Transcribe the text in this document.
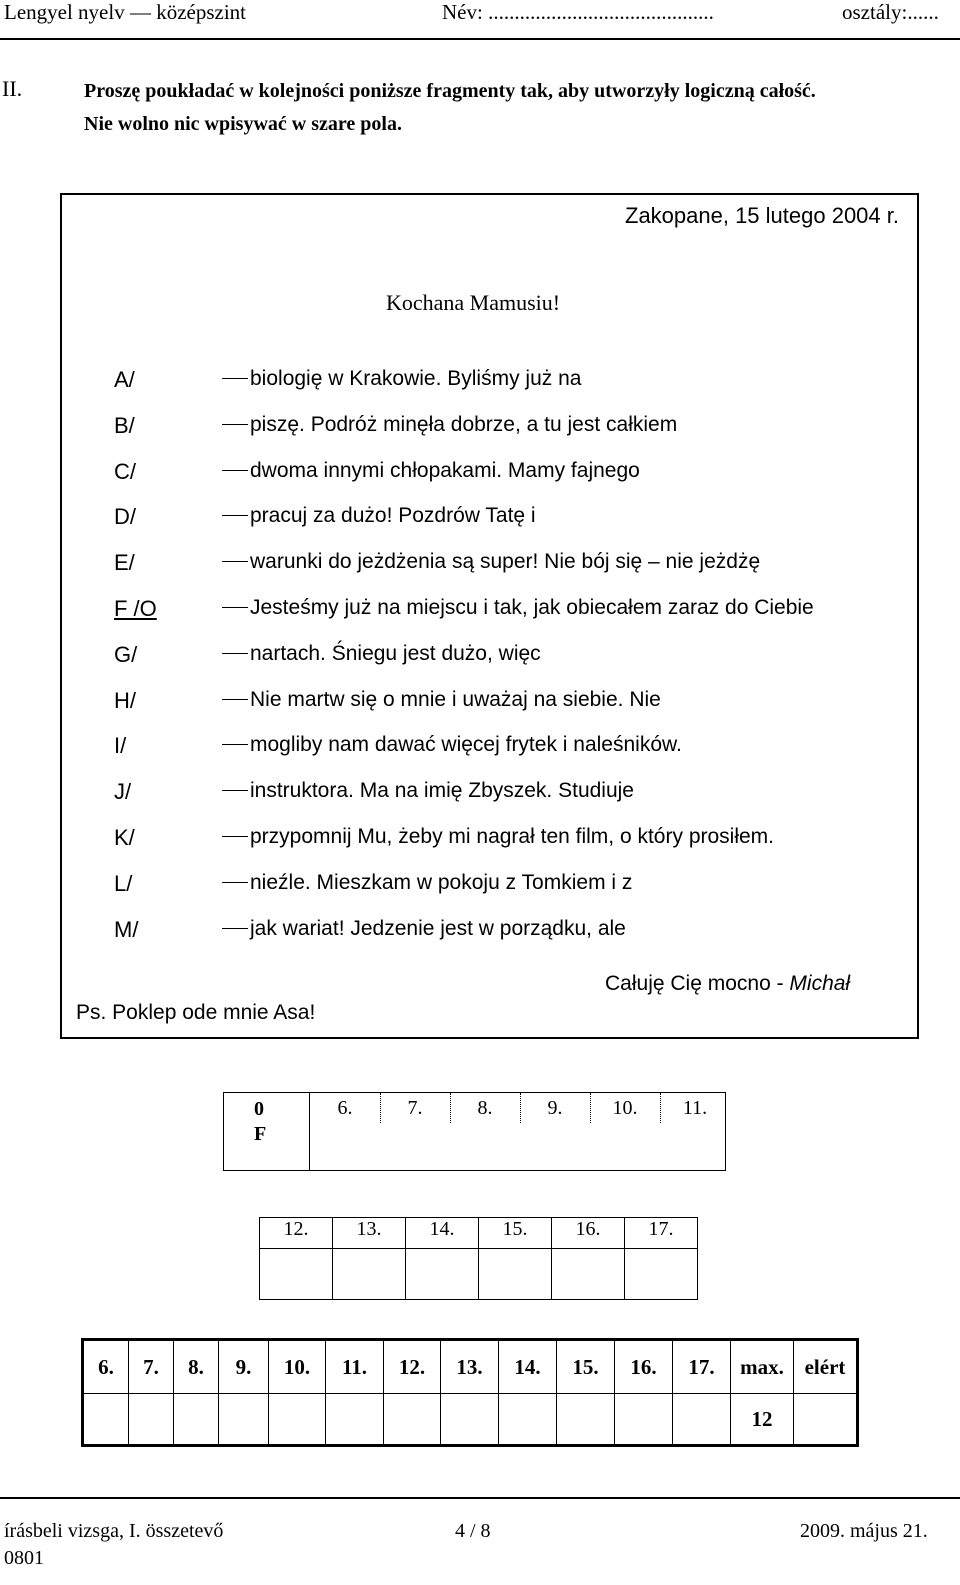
Lengyel nyelv — középszint	Név: ...........................................	osztály:......
II.	Proszę poukładać w kolejności poniższe fragmenty tak, aby utworzyły logiczną całość.
Nie wolno nic wpisywać w szare pola.
Zakopane, 15 lutego 2004 r.
Kochana Mamusiu!
A/	biologię w Krakowie. Byliśmy już na
B/	piszę. Podróż minęła dobrze, a tu jest całkiem
C/	dwoma innymi chłopakami. Mamy fajnego
D/	pracuj za dużo! Pozdrów Tatę i
E/	warunki do jeżdżenia są super! Nie bój się – nie jeżdżę
F /O	Jesteśmy już na miejscu i tak, jak obiecałem zaraz do Ciebie
G/	nartach. Śniegu jest dużo, więc
H/	Nie martw się o mnie i uważaj na siebie. Nie
I/	mogliby nam dawać więcej frytek i naleśników.
J/	instruktora. Ma na imię Zbyszek. Studiuje
K/	przypomnij Mu, żeby mi nagrał ten film, o który prosiłem.
L/	nieźle. Mieszkam w pokoju z Tomkiem i z
M/	jak wariat! Jedzenie jest w porządku, ale
Całuję Cię mocno - Michał
Ps. Poklep ode mnie Asa!
0
F
6.	7.	8.	9.	10.	11.
12.	13.	14.	15.	16.	17.

6.	7.	8.	9.	10.	11.	12.	13.	14.	15.	16.	17.	max.	elért
												12	
írásbeli vizsga, I. összetevő
0801
4 / 8	2009. május 21.
